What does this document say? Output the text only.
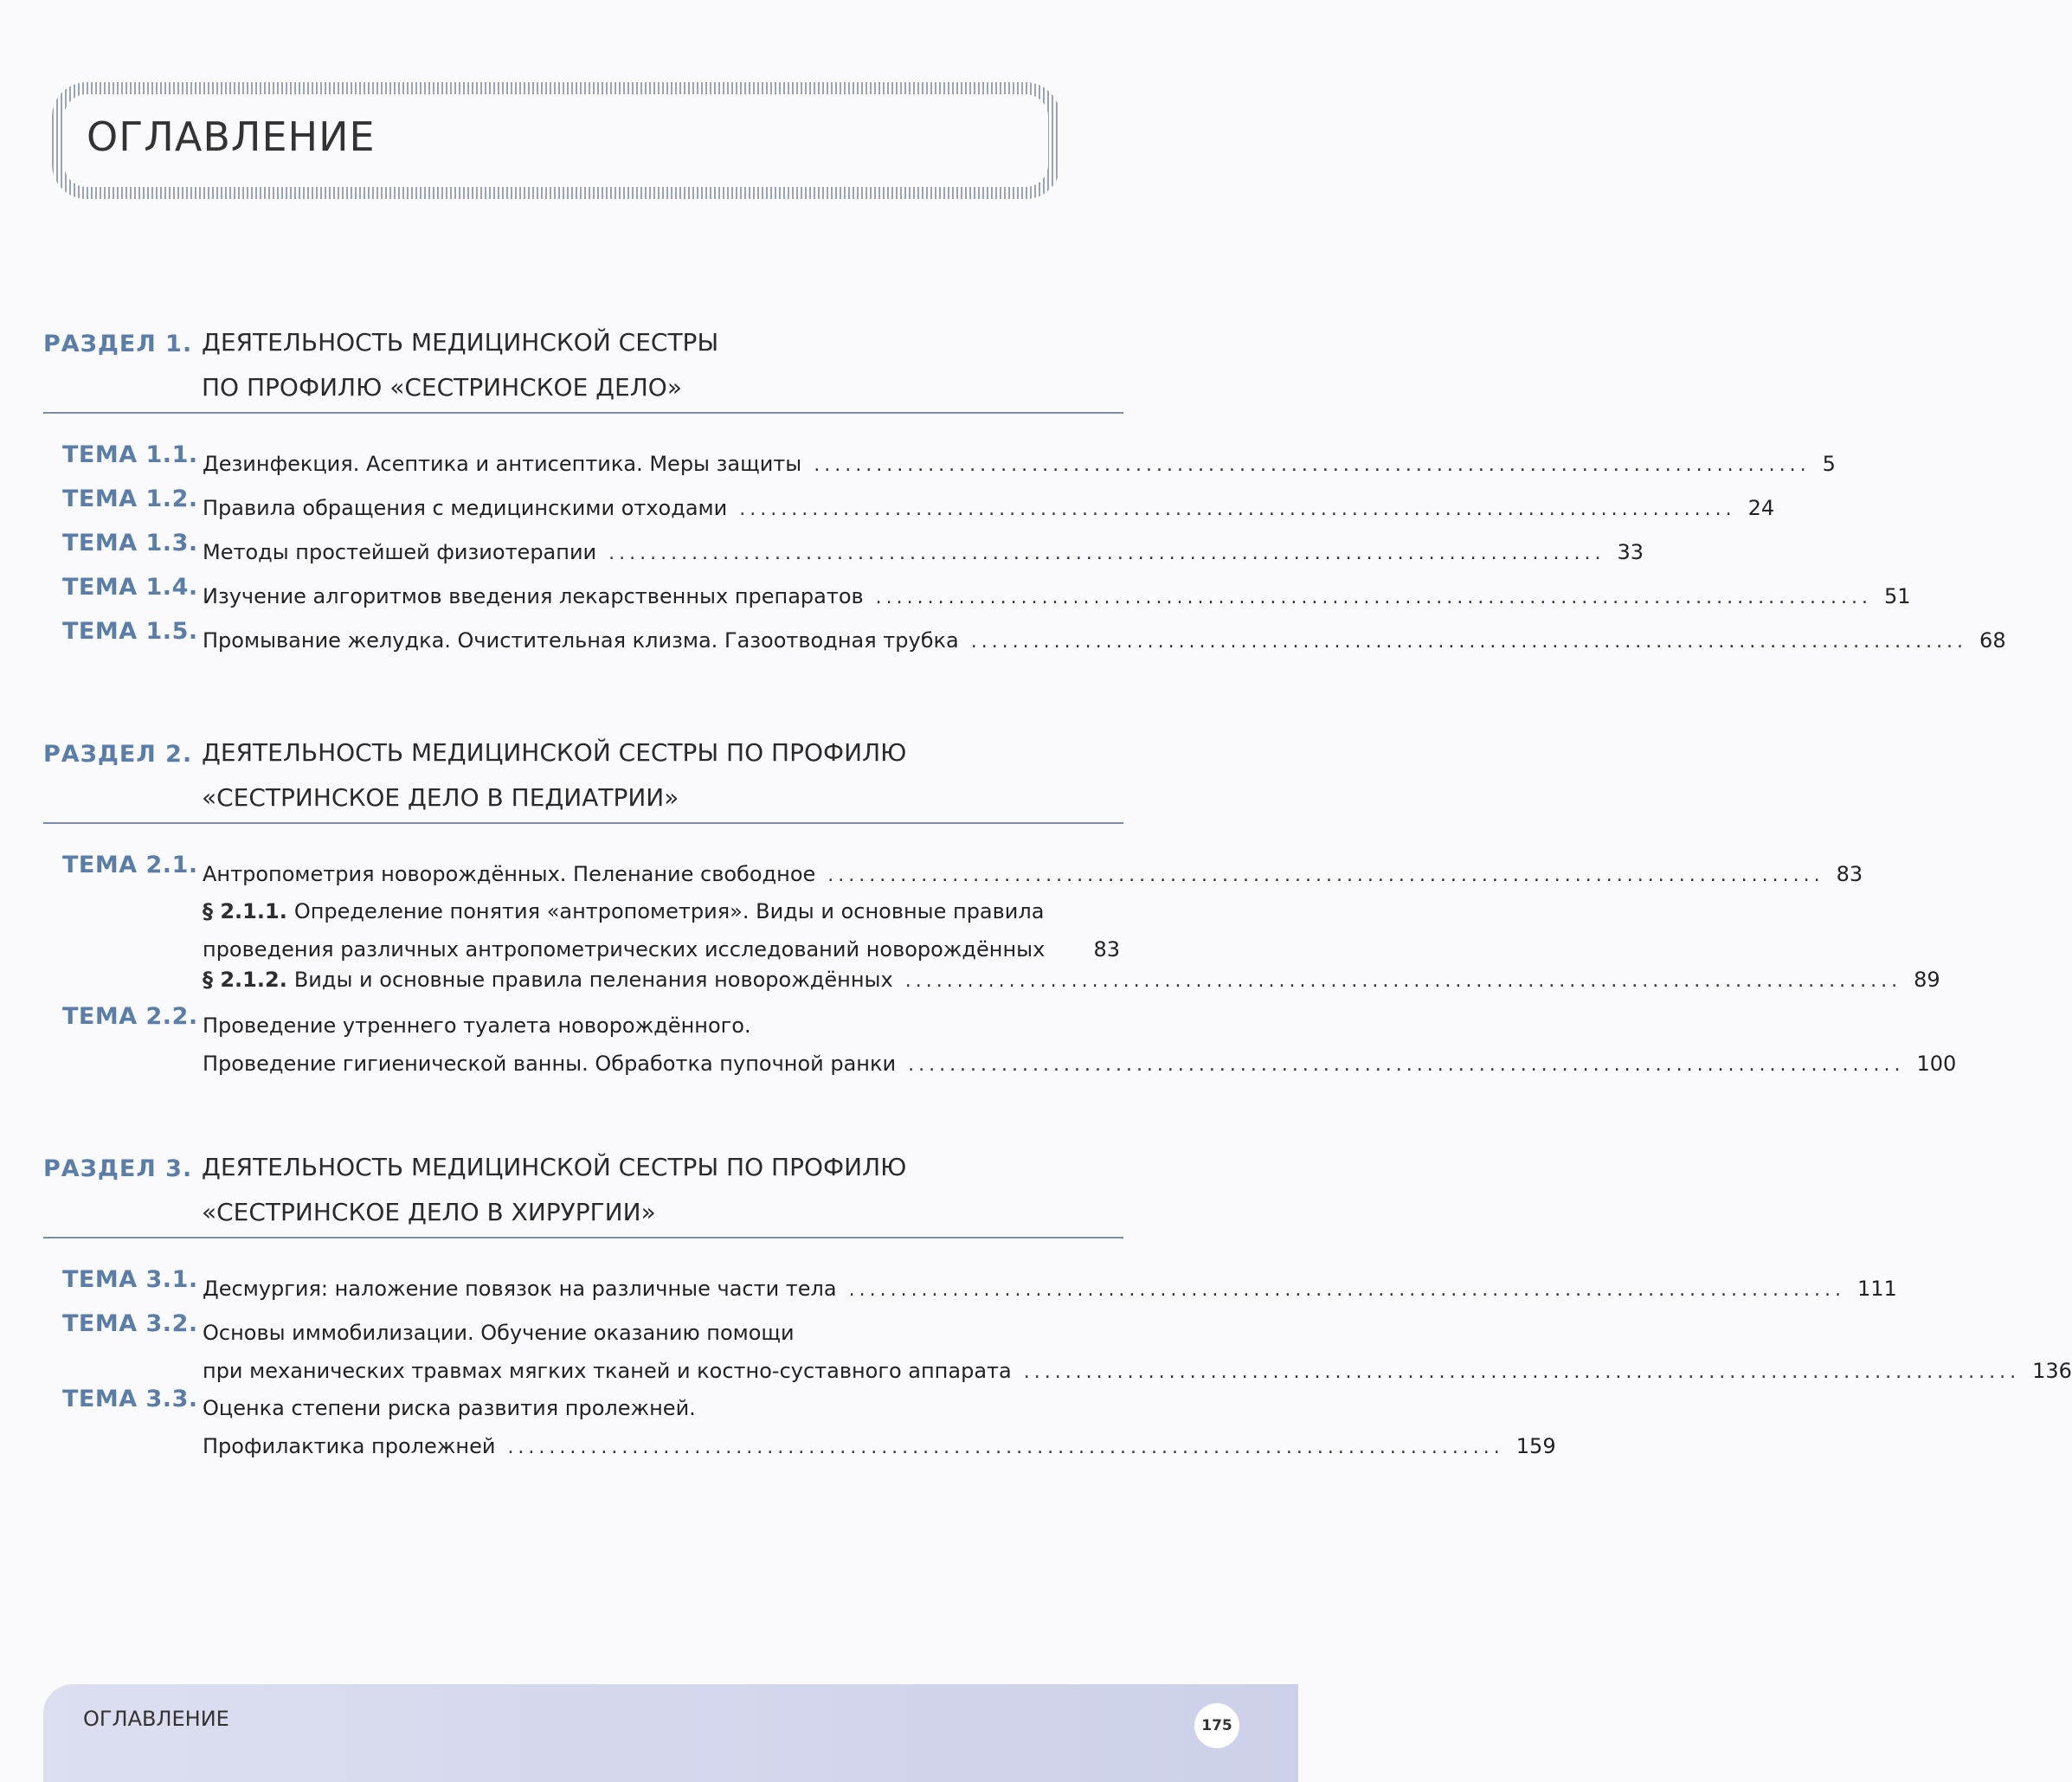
ОГЛАВЛЕНИЕ
РАЗДЕЛ 1. ДЕЯТЕЛЬНОСТЬ МЕДИЦИНСКОЙ СЕСТРЫ
ПО ПРОФИЛЮ «СЕСТРИНСКОЕ ДЕЛО»
ТЕМА 1.1. Дезинфекция. Асептика и антисептика. Меры защиты ................................................................................................ 5
ТЕМА 1.2. Правила обращения с медицинскими отходами ................................................................................................ 24
ТЕМА 1.3. Методы простейшей физиотерапии ................................................................................................ 33
ТЕМА 1.4. Изучение алгоритмов введения лекарственных препаратов ................................................................................................ 51
ТЕМА 1.5. Промывание желудка. Очистительная клизма. Газоотводная трубка ................................................................................................ 68
РАЗДЕЛ 2. ДЕЯТЕЛЬНОСТЬ МЕДИЦИНСКОЙ СЕСТРЫ ПО ПРОФИЛЮ
«СЕСТРИНСКОЕ ДЕЛО В ПЕДИАТРИИ»
ТЕМА 2.1. Антропометрия новорождённых. Пеленание свободное ................................................................................................ 83
§ 2.1.1. Определение понятия «антропометрия». Виды и основные правила
проведения различных антропометрических исследований новорождённых	83
§ 2.1.2. Виды и основные правила пеленания новорождённых ................................................................................................ 89
ТЕМА 2.2. Проведение утреннего туалета новорождённого.
Проведение гигиенической ванны. Обработка пупочной ранки ................................................................................................ 100
РАЗДЕЛ 3. ДЕЯТЕЛЬНОСТЬ МЕДИЦИНСКОЙ СЕСТРЫ ПО ПРОФИЛЮ
«СЕСТРИНСКОЕ ДЕЛО В ХИРУРГИИ»
ТЕМА 3.1. Десмургия: наложение повязок на различные части тела ................................................................................................ 111
ТЕМА 3.2. Основы иммобилизации. Обучение оказанию помощи
при механических травмах мягких тканей и костно-суставного аппарата ................................................................................................ 136
ТЕМА 3.3. Оценка степени риска развития пролежней.
Профилактика пролежней ................................................................................................ 159
ОГЛАВЛЕНИЕ	175
